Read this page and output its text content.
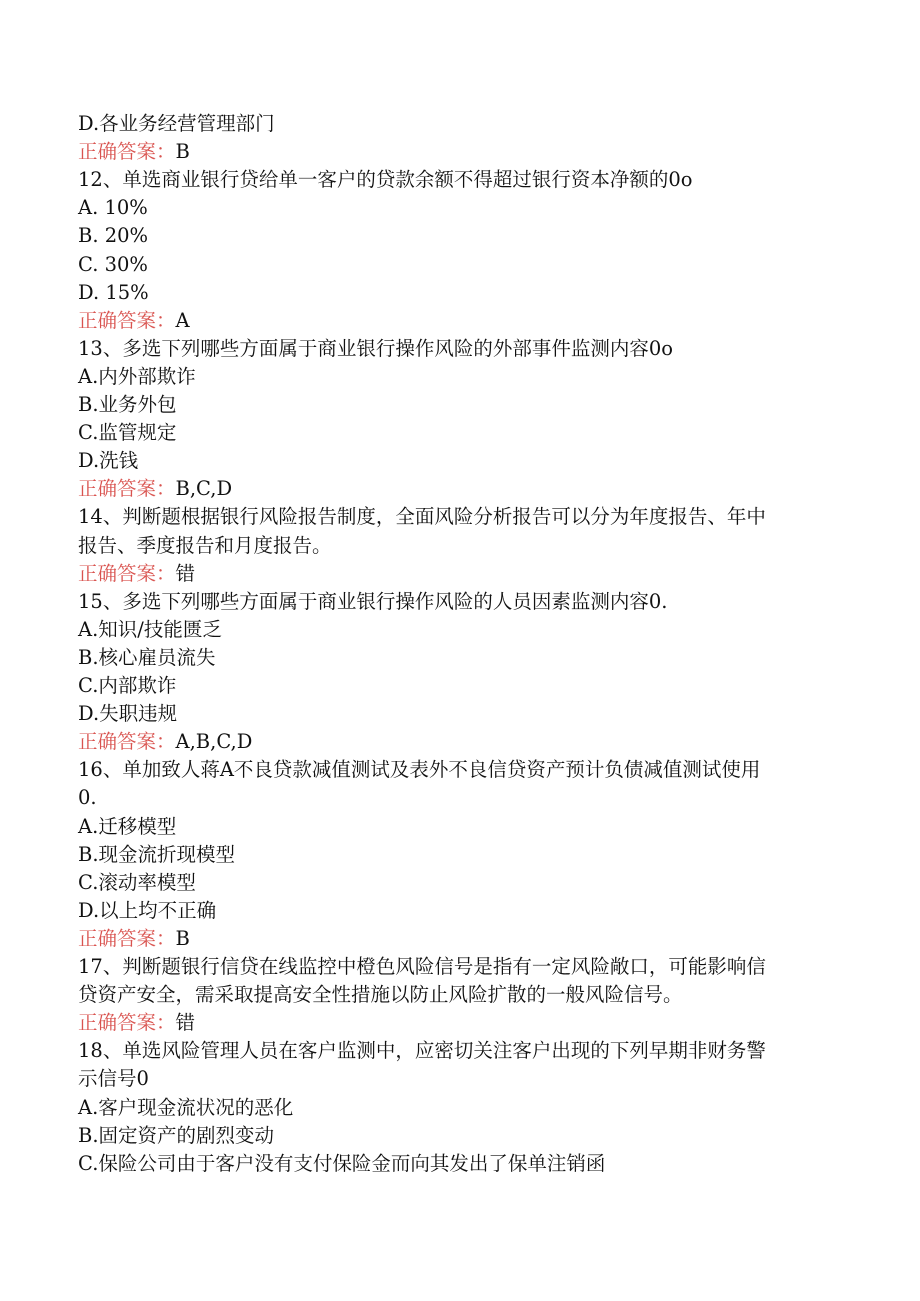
D.各业务经营管理部门

正确答案：B

12、单选商业银行贷给单一客户的贷款余额不得超过银行资本净额的0o

A. 10%

B. 20%

C. 30%

D. 15%

正确答案：A

13、多选下列哪些方面属于商业银行操作风险的外部事件监测内容0o

A.内外部欺诈

B.业务外包

C.监管规定

D.洗钱

正确答案：B,C,D

14、判断题根据银行风险报告制度，全面风险分析报告可以分为年度报告、年中

报告、季度报告和月度报告。

正确答案：错

15、多选下列哪些方面属于商业银行操作风险的人员因素监测内容0.

A.知识/技能匮乏

B.核心雇员流失

C.内部欺诈

D.失职违规

正确答案：A,B,C,D

16、单加致人蒋A不良贷款减值测试及表外不良信贷资产预计负债减值测试使用

0.

A.迁移模型

B.现金流折现模型

C.滚动率模型

D.以上均不正确

正确答案：B

17、判断题银行信贷在线监控中橙色风险信号是指有一定风险敞口，可能影响信

贷资产安全，需采取提高安全性措施以防止风险扩散的一般风险信号。

正确答案：错

18、单选风险管理人员在客户监测中，应密切关注客户出现的下列早期非财务警

示信号0

A.客户现金流状况的恶化

B.固定资产的剧烈变动

C.保险公司由于客户没有支付保险金而向其发出了保单注销函
